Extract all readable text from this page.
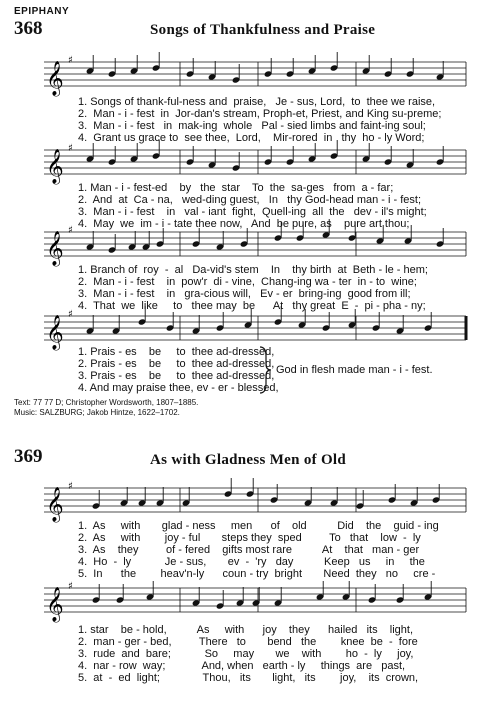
EPIPHANY
368	Songs of Thankfulness and Praise
𝄞
♯
1. Songs of thank-ful-ness and  praise,   Je - sus, Lord,  to  thee we raise,
2.  Man - i - fest  in  Jor-dan's stream, Proph-et, Priest, and King su-preme;
3.  Man - i - fest   in  mak-ing  whole   Pal - sied limbs and faint-ing soul;
4.  Grant us grace to  see thee,  Lord,    Mir-rored  in   thy  ho - ly Word;
𝄞
♯
1. Man - i - fest-ed    by   the  star    To  the  sa-ges   from  a - far;
2.  And  at  Ca - na,   wed-ding guest,   In   thy God-head man - i - fest;
3.  Man - i - fest    in   val - iant  fight,  Quell-ing  all  the   dev - il's might;
4.  May  we  im - i - tate thee now,   And  be pure, as    pure art thou;
𝄞
♯
1. Branch of  roy  -  al   Da-vid's stem    In    thy birth  at  Beth - le - hem;
2.  Man - i - fest    in  pow'r  di - vine,  Chang-ing wa - ter  in - to  wine;
3.  Man - i - fest    in   gra-cious will,   Ev - er  bring-ing  good from ill;
4.  That  we  like     to   thee may  be      At   thy great  E  -  pi - pha - ny;
𝄞
♯
1. Prais - es    be     to  thee ad-dressed,
2. Prais - es    be     to  thee ad-dressed,
3. Prais - es    be     to  thee ad-dressed,
4. And may praise thee, ev - er - blessed,
God in flesh made man - i - fest.
Text: 77 77 D; Christopher Wordsworth, 1807–1885.
Music: SALZBURG; Jakob Hintze, 1622–1702.
369	As with Gladness Men of Old
𝄞
♯
1.  As     with       glad - ness     men      of    old          Did    the    guid - ing
2.  As     with        joy - ful       steps they  sped         To   that    low  -  ly
3.  As    they         of - fered    gifts most rare          At    that   man - ger
4.  Ho  -  ly           Je - sus,       ev  -  'ry   day          Keep   us     in     the
5.  In      the        heav'n-ly      coun - try  bright       Need  they   no     cre -
𝄞
♯
1. star    be - hold,          As     with      joy    they      hailed   its    light,
2.  man - ger - bed,         There   to       bend   the        knee  be  -  fore
3.  rude  and  bare;           So     may       we    with        ho  -  ly     joy,
4.  nar - row  way;            And, when   earth - ly     things  are   past,
5.  at  -  ed  light;              Thou,   its       light,   its        joy,    its  crown,
